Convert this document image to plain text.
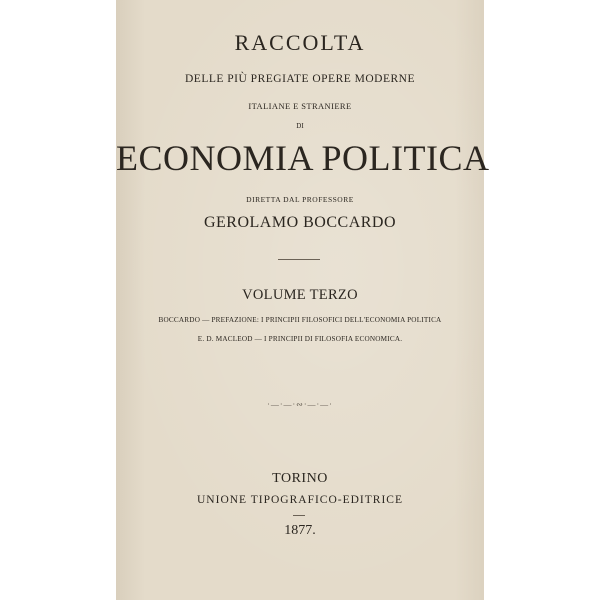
RACCOLTA
DELLE PIÙ PREGIATE OPERE MODERNE
ITALIANE E STRANIERE
DI
ECONOMIA POLITICA
DIRETTA DAL PROFESSORE
GEROLAMO BOCCARDO
VOLUME TERZO
BOCCARDO — PREFAZIONE: I PRINCIPII FILOSOFICI DELL'ECONOMIA POLITICA
E. D. MACLEOD — I PRINCIPII DI FILOSOFIA ECONOMICA.
·—·—·∾·—·—·
TORINO
UNIONE TIPOGRAFICO-EDITRICE
1877.
